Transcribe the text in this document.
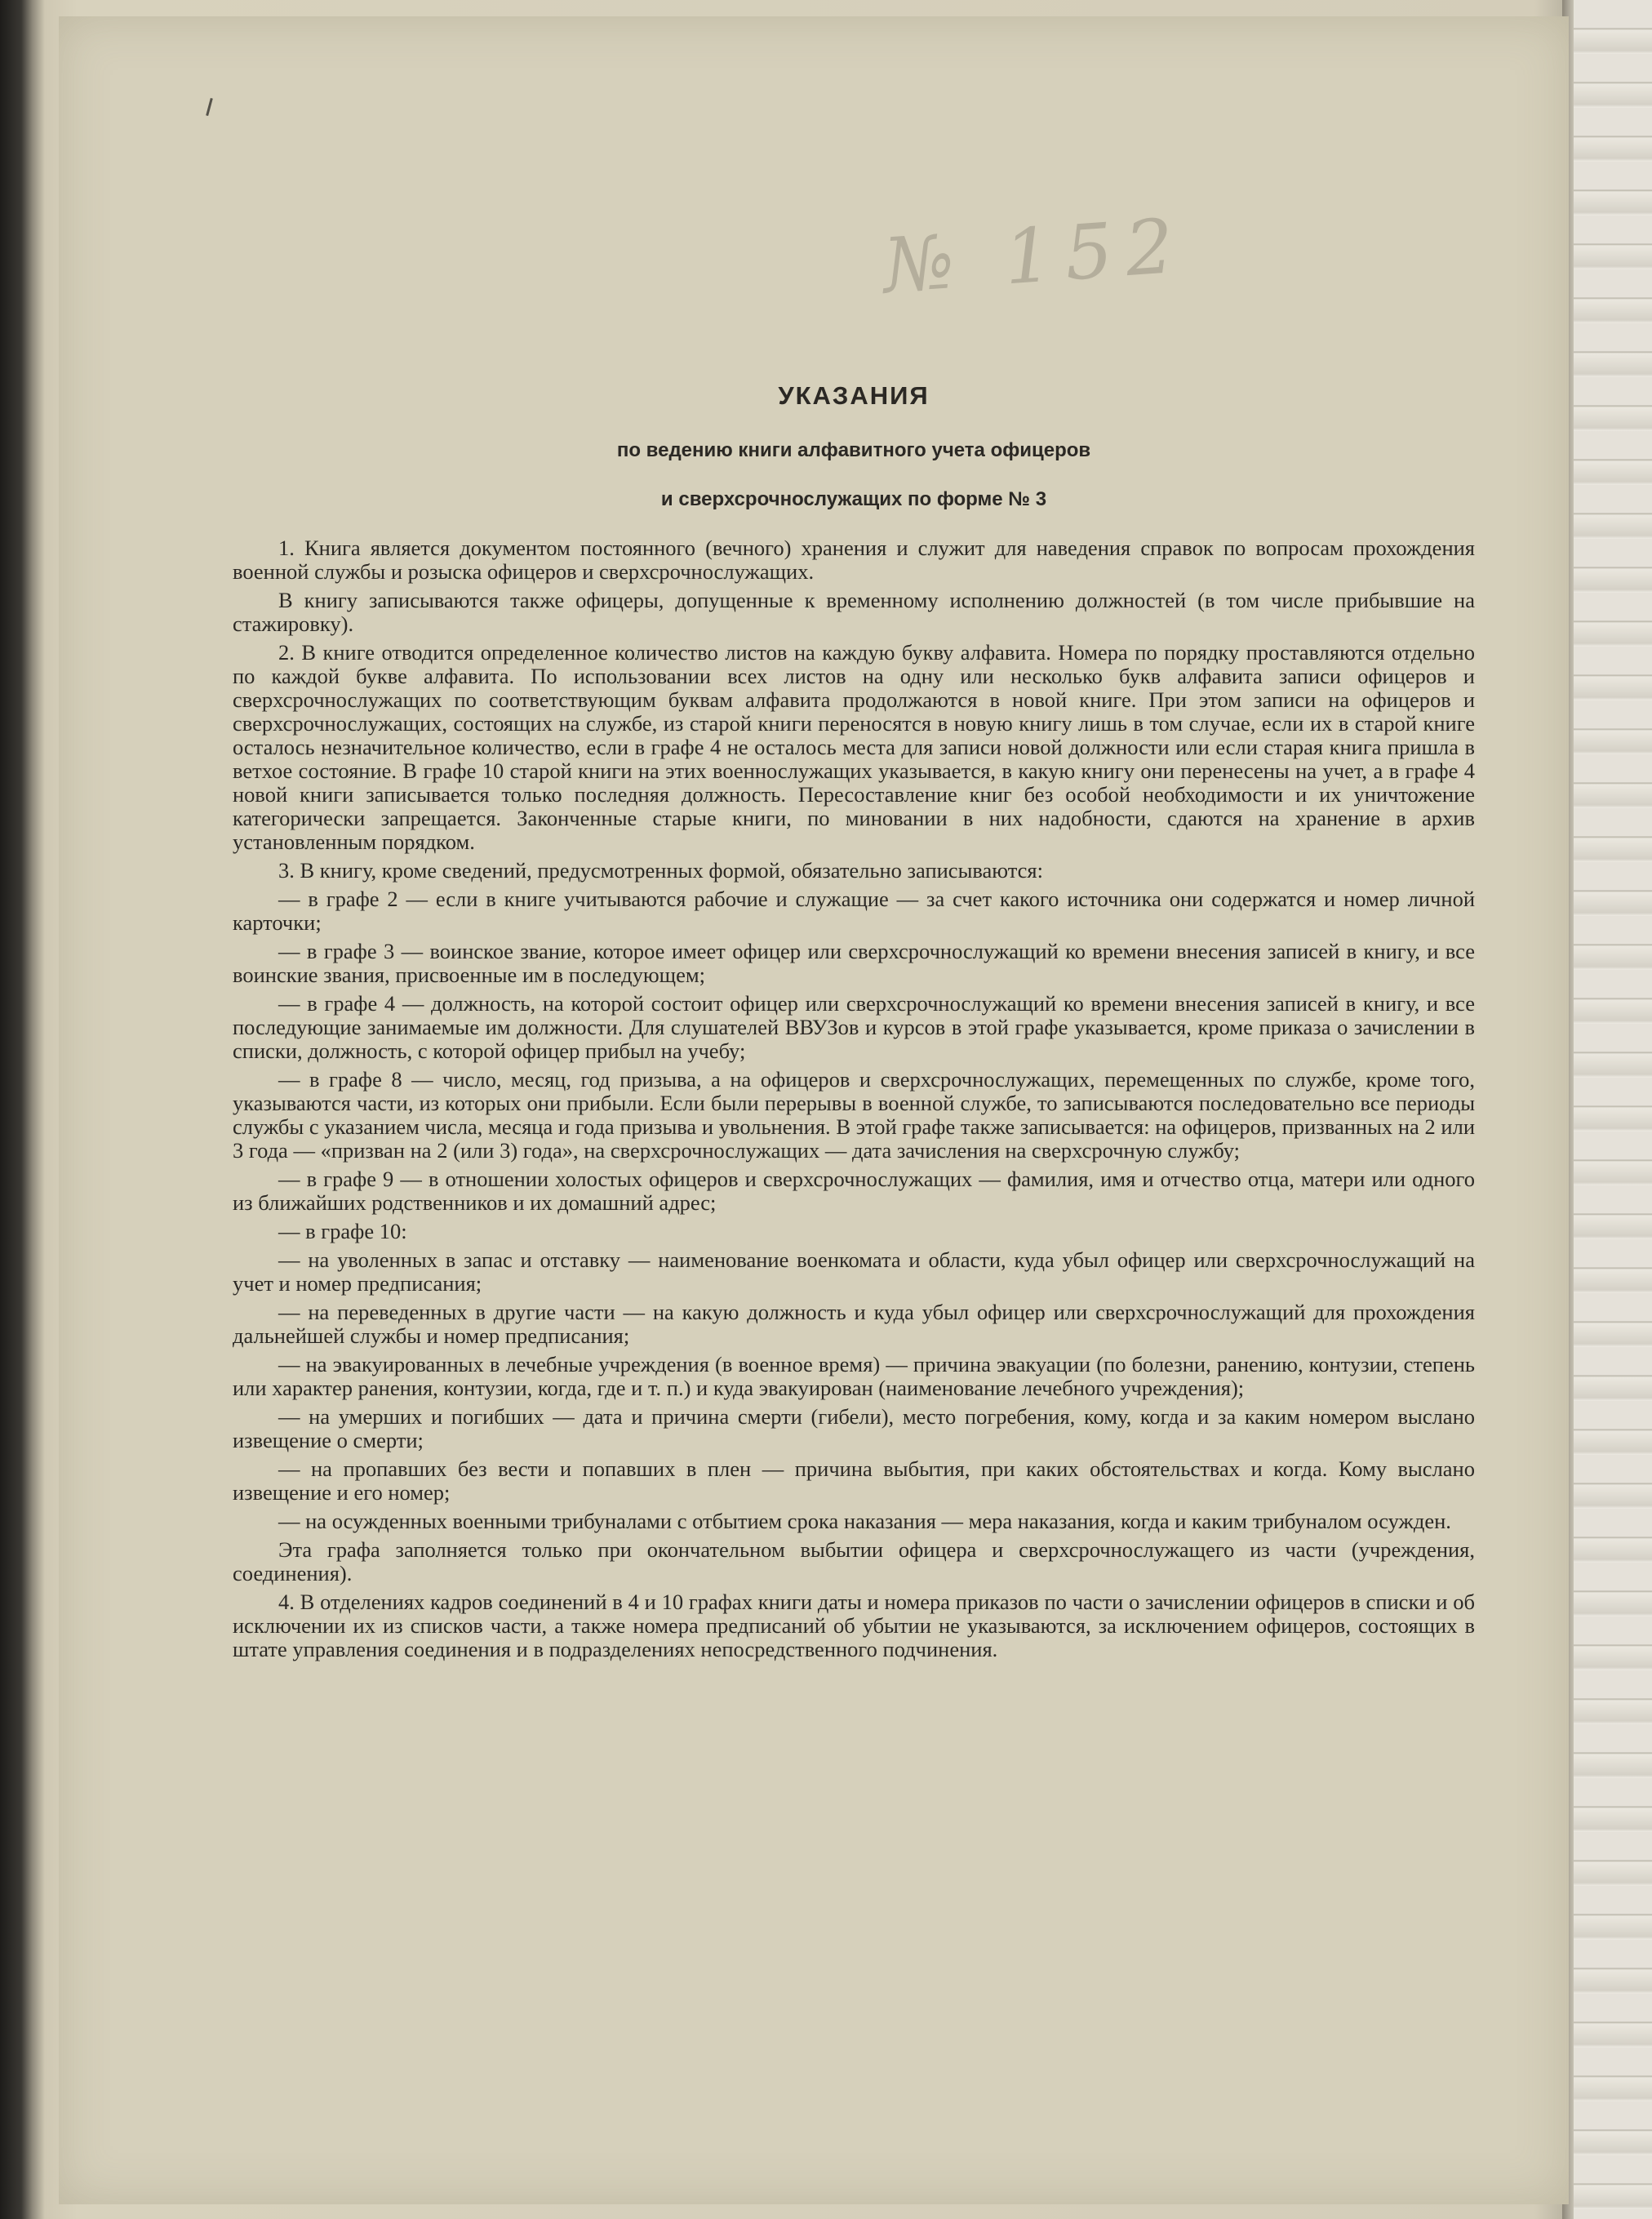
№ 152
УКАЗАНИЯ
по ведению книги алфавитного учета офицеров
и сверхсрочнослужащих по форме № 3

1. Книга является документом постоянного (вечного) хранения и служит для наведения справок по вопросам прохождения военной службы и розыска офицеров и сверхсрочнослужащих.

В книгу записываются также офицеры, допущенные к временному исполнению должностей (в том числе прибывшие на стажировку).

2. В книге отводится определенное количество листов на каждую букву алфавита. Номера по порядку проставляются отдельно по каждой букве алфавита. По использовании всех листов на одну или несколько букв алфавита записи офицеров и сверхсрочнослужащих по соответствующим буквам алфавита продолжаются в новой книге. При этом записи на офицеров и сверхсрочнослужащих, состоящих на службе, из старой книги переносятся в новую книгу лишь в том случае, если их в старой книге осталось незначительное количество, если в графе 4 не осталось места для записи новой должности или если старая книга пришла в ветхое состояние. В графе 10 старой книги на этих военнослужащих указывается, в какую книгу они перенесены на учет, а в графе 4 новой книги записывается только последняя должность. Пересоставление книг без особой необходимости и их уничтожение категорически запрещается. Законченные старые книги, по миновании в них надобности, сдаются на хранение в архив установленным порядком.

3. В книгу, кроме сведений, предусмотренных формой, обязательно записываются:

— в графе 2 — если в книге учитываются рабочие и служащие — за счет какого источника они содержатся и номер личной карточки;

— в графе 3 — воинское звание, которое имеет офицер или сверхсрочнослужащий ко времени внесения записей в книгу, и все воинские звания, присвоенные им в последующем;

— в графе 4 — должность, на которой состоит офицер или сверхсрочнослужащий ко времени внесения записей в книгу, и все последующие занимаемые им должности. Для слушателей ВВУЗов и курсов в этой графе указывается, кроме приказа о зачислении в списки, должность, с которой офицер прибыл на учебу;

— в графе 8 — число, месяц, год призыва, а на офицеров и сверхсрочнослужащих, перемещенных по службе, кроме того, указываются части, из которых они прибыли. Если были перерывы в военной службе, то записываются последовательно все периоды службы с указанием числа, месяца и года призыва и увольнения. В этой графе также записывается: на офицеров, призванных на 2 или 3 года — «призван на 2 (или 3) года», на сверхсрочнослужащих — дата зачисления на сверхсрочную службу;

— в графе 9 — в отношении холостых офицеров и сверхсрочнослужащих — фамилия, имя и отчество отца, матери или одного из ближайших родственников и их домашний адрес;

— в графе 10:

— на уволенных в запас и отставку — наименование военкомата и области, куда убыл офицер или сверхсрочнослужащий на учет и номер предписания;

— на переведенных в другие части — на какую должность и куда убыл офицер или сверхсрочнослужащий для прохождения дальнейшей службы и номер предписания;

— на эвакуированных в лечебные учреждения (в военное время) — причина эвакуации (по болезни, ранению, контузии, степень или характер ранения, контузии, когда, где и т. п.) и куда эвакуирован (наименование лечебного учреждения);

— на умерших и погибших — дата и причина смерти (гибели), место погребения, кому, когда и за каким номером выслано извещение о смерти;

— на пропавших без вести и попавших в плен — причина выбытия, при каких обстоятельствах и когда. Кому выслано извещение и его номер;

— на осужденных военными трибуналами с отбытием срока наказания — мера наказания, когда и каким трибуналом осужден.

Эта графа заполняется только при окончательном выбытии офицера и сверхсрочнослужащего из части (учреждения, соединения).

4. В отделениях кадров соединений в 4 и 10 графах книги даты и номера приказов по части о зачислении офицеров в списки и об исключении их из списков части, а также номера предписаний об убытии не указываются, за исключением офицеров, состоящих в штате управления соединения и в подразделениях непосредственного подчинения.
